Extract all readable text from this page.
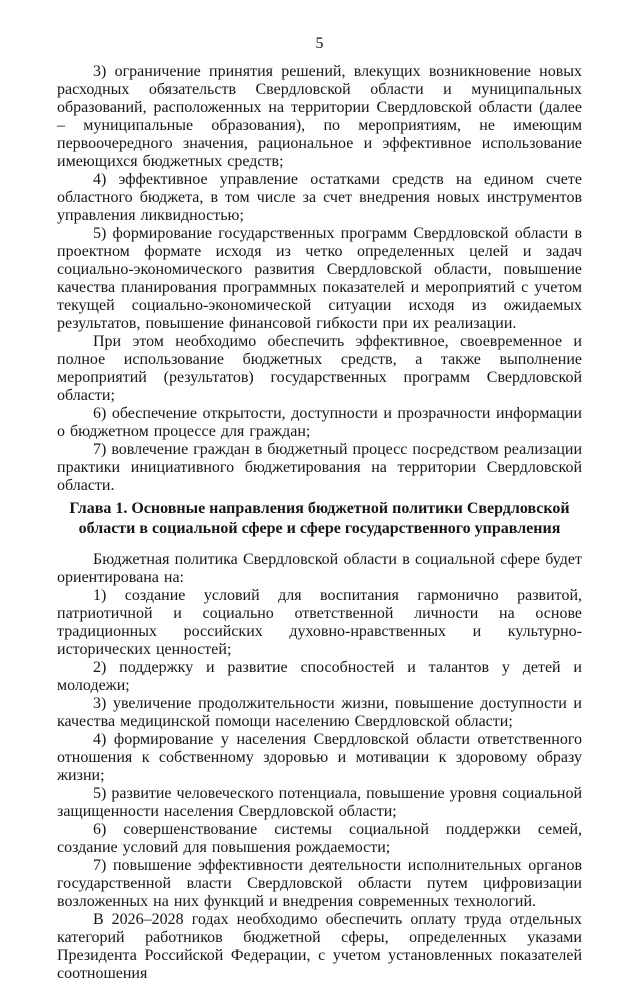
5

3) ограничение принятия решений, влекущих возникновение новых расходных обязательств Свердловской области и муниципальных образований, расположенных на территории Свердловской области (далее – муниципальные образования), по мероприятиям, не имеющим первоочередного значения, рациональное и эффективное использование имеющихся бюджетных средств;

4) эффективное управление остатками средств на едином счете областного бюджета, в том числе за счет внедрения новых инструментов управления ликвидностью;

5) формирование государственных программ Свердловской области в проектном формате исходя из четко определенных целей и задач социально-экономического развития Свердловской области, повышение качества планирования программных показателей и мероприятий с учетом текущей социально-экономической ситуации исходя из ожидаемых результатов, повышение финансовой гибкости при их реализации.

При этом необходимо обеспечить эффективное, своевременное и полное использование бюджетных средств, а также выполнение мероприятий (результатов) государственных программ Свердловской области;

6) обеспечение открытости, доступности и прозрачности информации о бюджетном процессе для граждан;

7) вовлечение граждан в бюджетный процесс посредством реализации практики инициативного бюджетирования на территории Свердловской области.

Глава 1. Основные направления бюджетной политики Свердловской области в социальной сфере и сфере государственного управления

Бюджетная политика Свердловской области в социальной сфере будет ориентирована на:

1) создание условий для воспитания гармонично развитой, патриотичной и социально ответственной личности на основе традиционных российских духовно-нравственных и культурно-исторических ценностей;

2) поддержку и развитие способностей и талантов у детей и молодежи;

3) увеличение продолжительности жизни, повышение доступности и качества медицинской помощи населению Свердловской области;

4) формирование у населения Свердловской области ответственного отношения к собственному здоровью и мотивации к здоровому образу жизни;

5) развитие человеческого потенциала, повышение уровня социальной защищенности населения Свердловской области;

6) совершенствование системы социальной поддержки семей, создание условий для повышения рождаемости;

7) повышение эффективности деятельности исполнительных органов государственной власти Свердловской области путем цифровизации возложенных на них функций и внедрения современных технологий.

В 2026–2028 годах необходимо обеспечить оплату труда отдельных категорий работников бюджетной сферы, определенных указами Президента Российской Федерации, с учетом установленных показателей соотношения
